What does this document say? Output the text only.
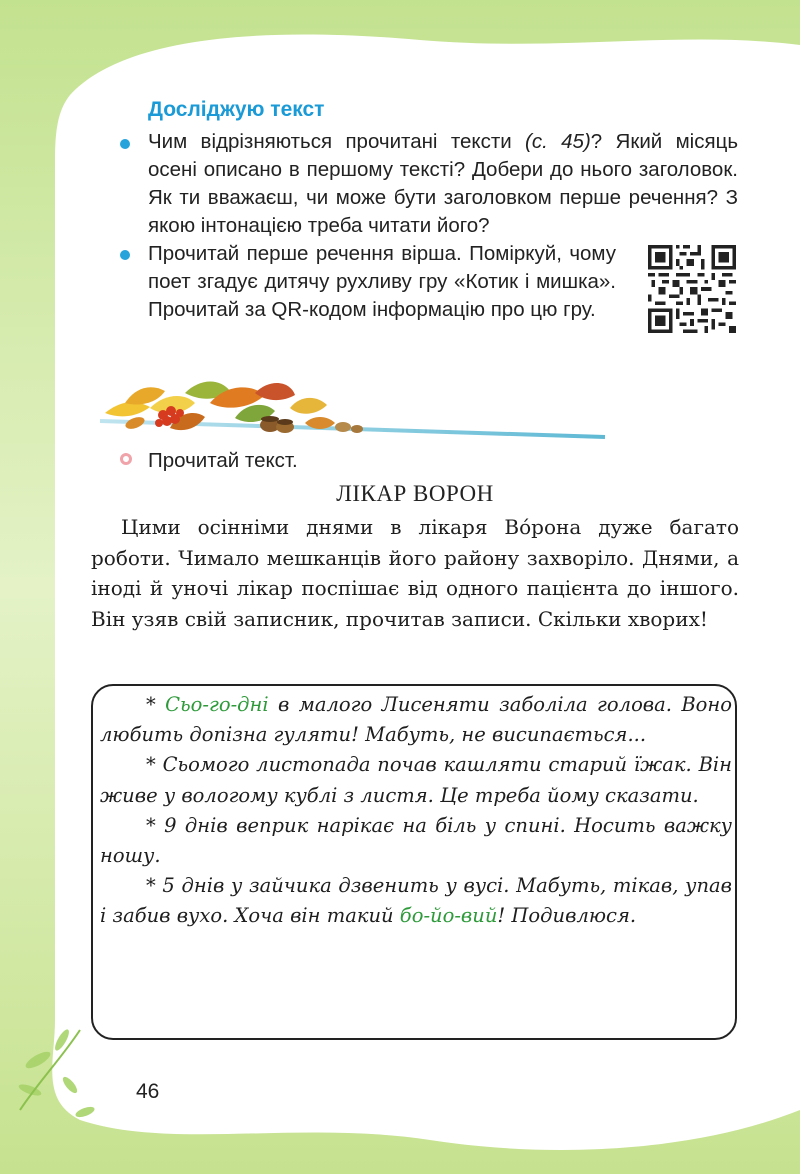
Досліджую текст
Чим відрізняються прочитані тексти (с. 45)? Який місяць осені описано в першому тексті? Добери до нього заголовок. Як ти вважаєш, чи може бути заголовком перше речення? З якою інтонацією треба читати його?
Прочитай перше речення вірша. Поміркуй, чому поет згадує дитячу рухливу гру «Котик і мишка». Прочитай за QR-кодом інформацію про цю гру.
Прочитай текст.
ЛІКАР ВОРОН

Цими осінніми днями в лікаря Ворона дуже багато роботи. Чимало мешканців його району захворіло. Днями, а іноді й уночі лікар поспішає від одного пацієнта до іншого. Він узяв свій записник, прочитав записи. Скільки хворих!

* Сьо-го-дні в малого Лисеняти заболіла голова. Воно любить допізна гуляти! Мабуть, не висипається...

* Сьомого листопада почав кашляти старий їжак. Він живе у вологому кублі з листя. Це треба йому сказати.

* 9 днів веприк нарікає на біль у спині. Носить важку ношу.

* 5 днів у зайчика дзвенить у вусі. Мабуть, тікав, упав і забив вухо. Хоча він такий бо-йо-вий! Подивлюся.

46
